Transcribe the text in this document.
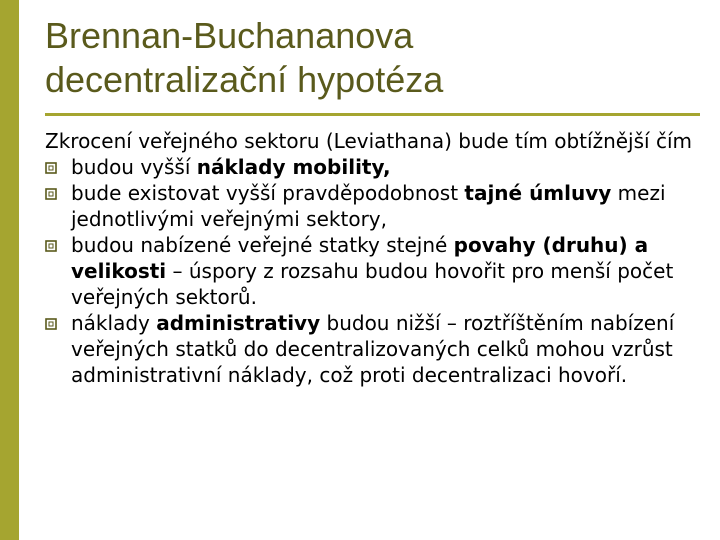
Brennan-Buchananova
decentralizační hypotéza

Zkrocení veřejného sektoru (Leviathana) bude tím obtížnější čím

budou vyšší náklady mobility,
bude existovat vyšší pravděpodobnost tajné úmluvy mezi jednotlivými veřejnými sektory,
budou nabízené veřejné statky stejné povahy (druhu) a velikosti – úspory z rozsahu budou hovořit pro menší počet veřejných sektorů.
náklady administrativy budou nižší – roztříštěním nabízení veřejných statků do decentralizovaných celků mohou vzrůst administrativní náklady, což proti decentralizaci hovoří.
